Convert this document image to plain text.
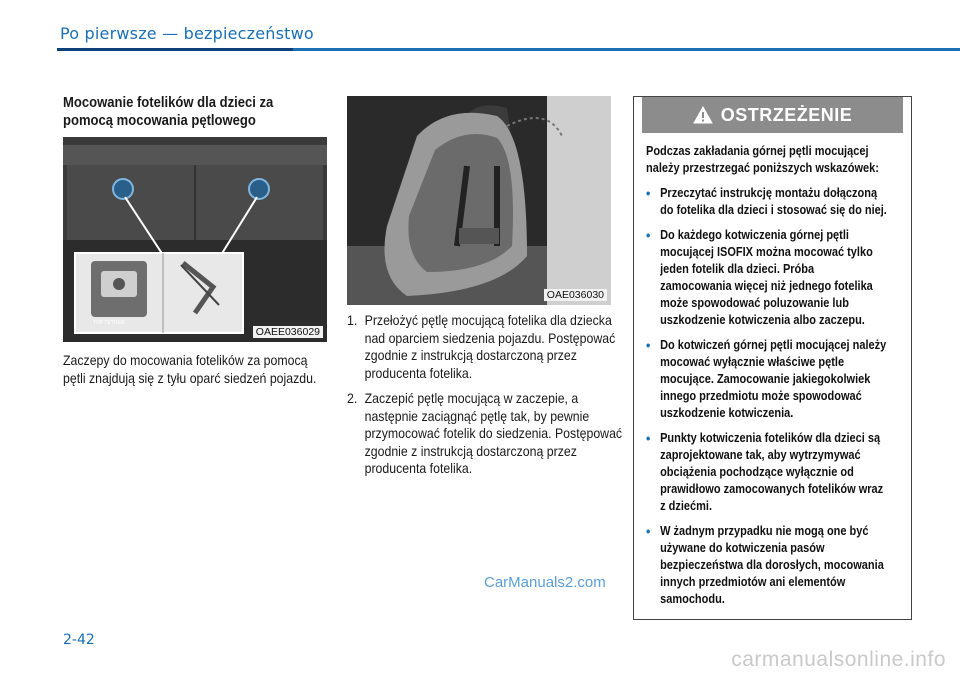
Po pierwsze — bezpieczeństwo
Mocowanie fotelików dla dzieci za pomocą mocowania pętlowego
TOP TETHER
OAEE036029
Zaczepy do mocowania fotelików za pomocą pętli znajdują się z tyłu oparć siedzeń pojazdu.
OAE036030
1. Przełożyć pętlę mocującą fotelika dla dziecka nad oparciem siedzenia pojazdu. Postępować zgodnie z instrukcją dostarczoną przez producenta fotelika.
2. Zaczepić pętlę mocującą w zaczepie, a następnie zaciągnąć pętlę tak, by pewnie przymocować fotelik do siedzenia. Postępować zgodnie z instrukcją dostarczoną przez producenta fotelika.
OSTRZEŻENIE

Podczas zakładania górnej pętli mocującej należy przestrzegać poniższych wskazówek:

• Przeczytać instrukcję montażu dołączoną do fotelika dla dzieci i stosować się do niej.
• Do każdego kotwiczenia górnej pętli mocującej ISOFIX można mocować tylko jeden fotelik dla dzieci. Próba zamocowania więcej niż jednego fotelika może spowodować poluzowanie lub uszkodzenie kotwiczenia albo zaczepu.
• Do kotwiczeń górnej pętli mocującej należy mocować wyłącznie właściwe pętle mocujące. Zamocowanie jakiegokolwiek innego przedmiotu może spowodować uszkodzenie kotwiczenia.
• Punkty kotwiczenia fotelików dla dzieci są zaprojektowane tak, aby wytrzymywać obciążenia pochodzące wyłącznie od prawidłowo zamocowanych fotelików wraz z dziećmi.
• W żadnym przypadku nie mogą one być używane do kotwiczenia pasów bezpieczeństwa dla dorosłych, mocowania innych przedmiotów ani elementów samochodu.
CarManuals2.com
2-42
carmanualsonline.info
